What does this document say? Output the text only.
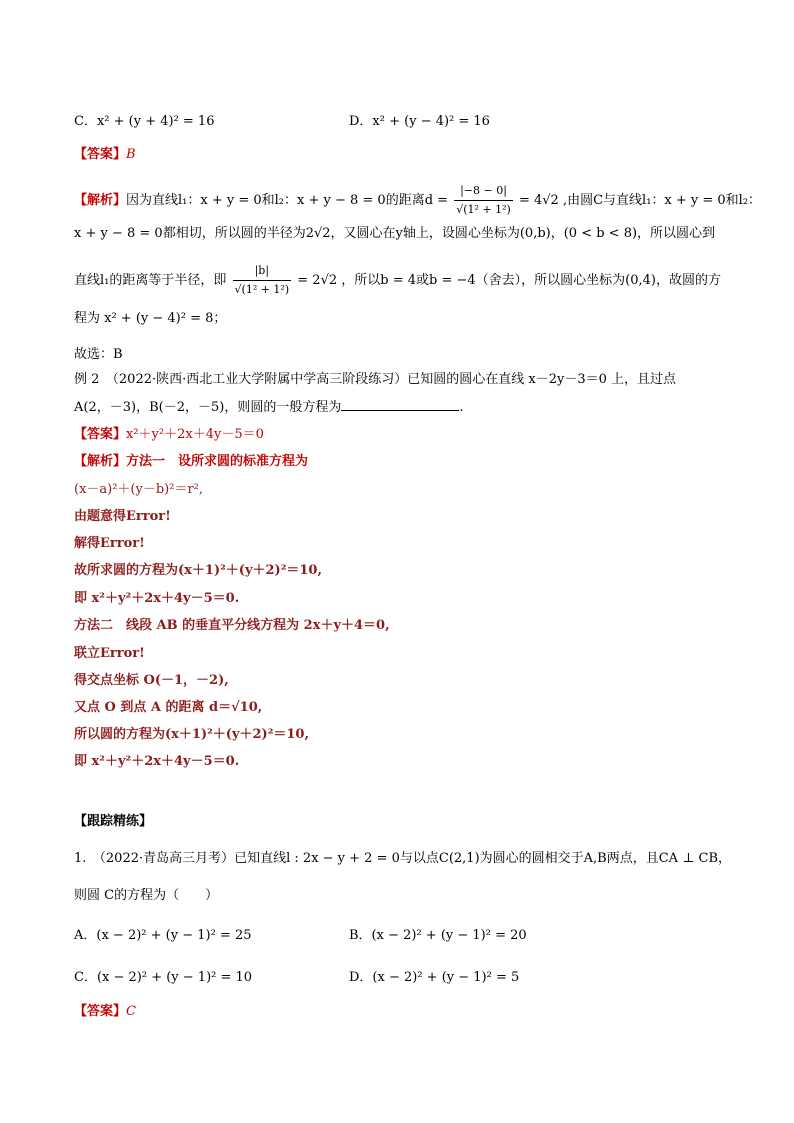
C．x² + (y + 4)² = 16	D．x² + (y − 4)² = 16
【答案】B
【解析】因为直线l₁：x + y = 0和l₂：x + y − 8 = 0的距离$d = \frac{|-8 - 0|}{\text{√(1² + 1²)}} = 4√2$ ,由圆C与直线l₁：x + y = 0和l₂：
x + y − 8 = 0都相切，所以圆的半径为2√2，又圆心在y轴上，设圆心坐标为(0,b)，(0 < b < 8)，所以圆心到
直线l₁的距离等于半径，即 $\frac{|b|}{\text{√(1² + 1²)}} = 2√2$ ，所以b = 4或b = −4（舍去），所以圆心坐标为(0,4)，故圆的方
程为 x² + (y − 4)² = 8；
故选：B
例 2　（2022·陕西·西北工业大学附属中学高三阶段练习）已知圆的圆心在直线 x－2y－3＝0 上，且过点
A(2，－3)，B(－2，－5)，则圆的一般方程为	.
【答案】x²＋y²＋2x＋4y－5＝0
【解析】方法一　设所求圆的标准方程为
(x－a)²＋(y－b)²＝r²,
由题意得Error!
解得Error!
故所求圆的方程为(x＋1)²＋(y＋2)²＝10,
即 x²＋y²＋2x＋4y－5＝0.
方法二　线段 AB 的垂直平分线方程为 2x＋y＋4＝0,
联立Error!
得交点坐标 O(－1，－2),
又点 O 到点 A 的距离 d＝√10,
所以圆的方程为(x＋1)²＋(y＋2)²＝10,
即 x²＋y²＋2x＋4y－5＝0.
【跟踪精练】
1.　（2022·青岛高三月考）已知直线l : 2x − y + 2 = 0与以点C(2,1)为圆心的圆相交于A,B两点，且CA ⊥ CB，
则圆 C的方程为（　　）
A．(x − 2)² + (y − 1)² = 25	B．(x − 2)² + (y − 1)² = 20
C．(x − 2)² + (y − 1)² = 10	D．(x − 2)² + (y − 1)² = 5
【答案】C
